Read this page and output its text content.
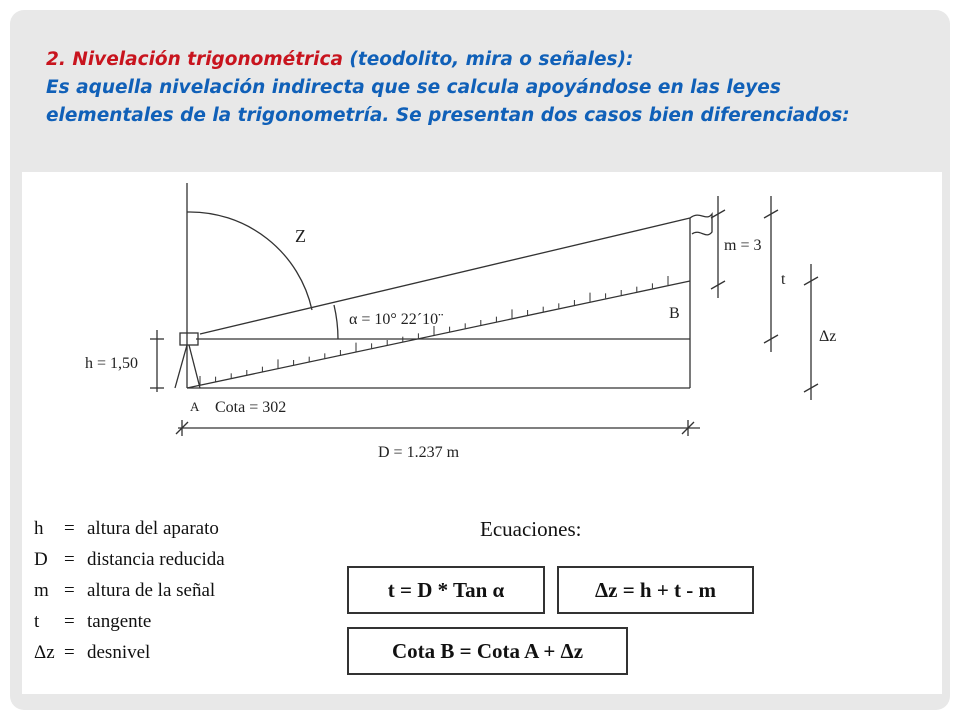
2. Nivelación trigonométrica (teodolito, mira o señales):
Es aquella nivelación indirecta que se calcula apoyándose en las leyes
elementales de la trigonometría. Se presentan dos casos bien diferenciados:
Z
α = 10° 22´10¨	B
A Cota = 302
h = 1,50
D = 1.237 m
m = 3
t
Δz
h = altura del aparato
D = distancia reducida
m = altura de la señal
t = tangente
Δz = desnivel
Ecuaciones:
t = D * Tan α	Δz = h + t - m
Cota B = Cota A + Δz
